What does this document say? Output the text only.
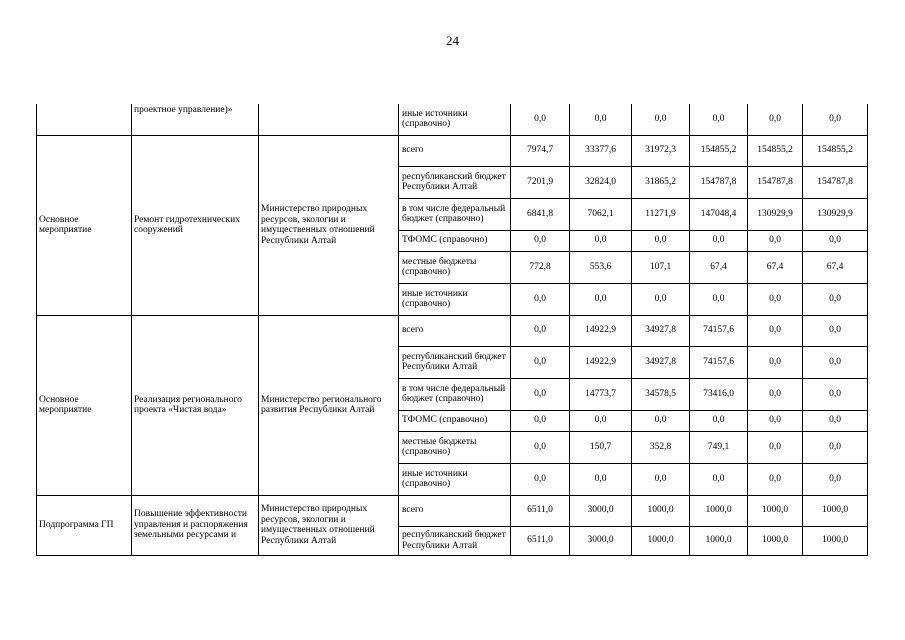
24
	проектное управление)»		иные источники (справочно)	0,0	0,0	0,0	0,0	0,0	0,0
Основное мероприятие	Ремонт гидротехнических сооружений	Министерство природных ресурсов, экологии и имущественных отношений Республики Алтай	всего	7974,7	33377,6	31972,3	154855,2	154855,2	154855,2
			республиканский бюджет Республики Алтай	7201,9	32824,0	31865,2	154787,8	154787,8	154787,8
			в том числе федеральный бюджет (справочно)	6841,8	7062,1	11271,9	147048,4	130929,9	130929,9
			ТФОМС (справочно)	0,0	0,0	0,0	0,0	0,0	0,0
			местные бюджеты (справочно)	772,8	553,6	107,1	67,4	67,4	67,4
			иные источники (справочно)	0,0	0,0	0,0	0,0	0,0	0,0
Основное мероприятие	Реализация регионального проекта «Чистая вода»	Министерство регионального развития Республики Алтай	всего	0,0	14922,9	34927,8	74157,6	0,0	0,0
			республиканский бюджет Республики Алтай	0,0	14922,9	34927,8	74157,6	0,0	0,0
			в том числе федеральный бюджет (справочно)	0,0	14773,7	34578,5	73416,0	0,0	0,0
			ТФОМС (справочно)	0,0	0,0	0,0	0,0	0,0	0,0
			местные бюджеты (справочно)	0,0	150,7	352,8	749,1	0,0	0,0
			иные источники (справочно)	0,0	0,0	0,0	0,0	0,0	0,0
Подпрограмма ГП	Повышение эффективности управления и распоряжения земельными ресурсами и	Министерство природных ресурсов, экологии и имущественных отношений Республики Алтай	всего	6511,0	3000,0	1000,0	1000,0	1000,0	1000,0
			республиканский бюджет Республики Алтай	6511,0	3000,0	1000,0	1000,0	1000,0	1000,0
